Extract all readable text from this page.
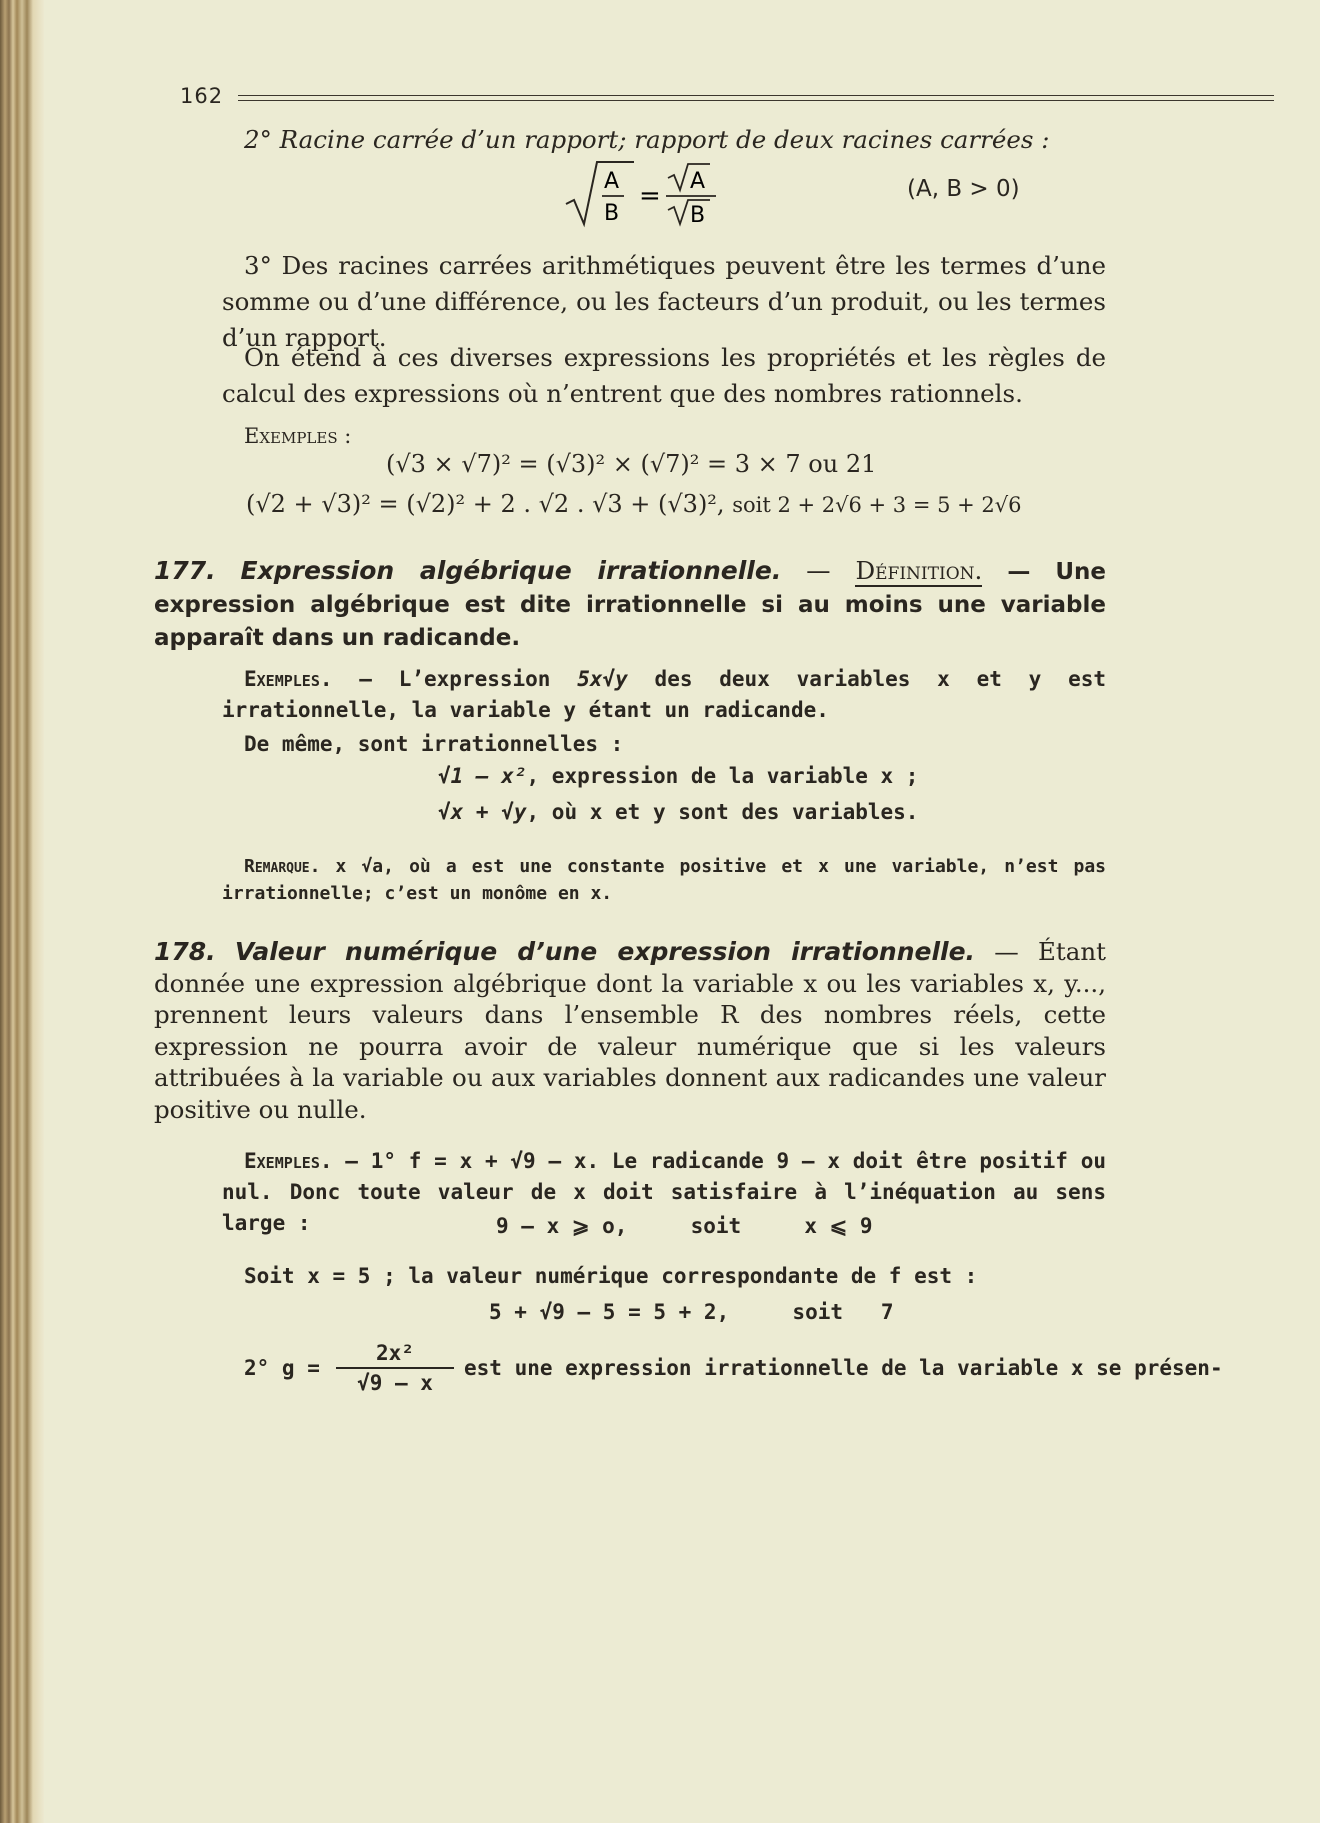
162
2° Racine carrée d’un rapport; rapport de deux racines carrées :
A
B
= A
B
(A, B > 0)
3° Des racines carrées arithmétiques peuvent être les termes d’une somme ou d’une différence, ou les facteurs d’un produit, ou les termes d’un rapport.
On étend à ces diverses expressions les propriétés et les règles de calcul des expressions où n’entrent que des nombres rationnels.
Exemples :
(√3 × √7)² = (√3)² × (√7)² = 3 × 7 ou 21
(√2 + √3)² = (√2)² + 2 . √2 . √3 + (√3)², soit 2 + 2√6 + 3 = 5 + 2√6
177. Expression algébrique irrationnelle. — Définition. — Une expression algébrique est dite irrationnelle si au moins une variable apparaît dans un radicande.
Exemples. — L’expression 5x√y des deux variables x et y est irrationnelle, la variable y étant un radicande.
De même, sont irrationnelles :
√1 — x², expression de la variable x ;
√x + √y, où x et y sont des variables.
Remarque. x √a, où a est une constante positive et x une variable, n’est pas irrationnelle; c’est un monôme en x.
178. Valeur numérique d’une expression irrationnelle. — Étant donnée une expression algébrique dont la variable x ou les variables x, y..., prennent leurs valeurs dans l’ensemble R des nombres réels, cette expression ne pourra avoir de valeur numérique que si les valeurs attribuées à la variable ou aux variables donnent aux radicandes une valeur positive ou nulle.
Exemples. — 1° f = x + √9 — x. Le radicande 9 — x doit être positif ou nul. Donc toute valeur de x doit satisfaire à l’inéquation au sens large :	9 — x ⩾ o,     soit     x ⩽ 9
Soit x = 5 ; la valeur numérique correspondante de f est :
5 + √9 — 5 = 5 + 2,     soit   7
2° g =
2x²
√9 — x
est une expression irrationnelle de la variable x se présen-
